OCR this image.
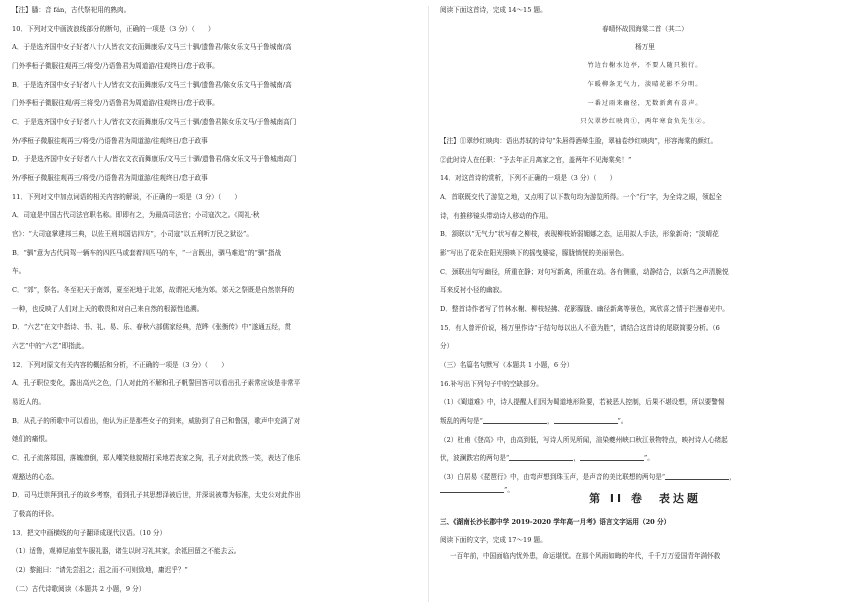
【注】膰：音 fán，古代祭祀用的熟肉。
10．下列对文中画波浪线部分的断句，正确的一项是（3 分）（　　）
A．于是选齐国中女子好者八十/人皆衣文衣而舞康乐/文马三十驷/遗鲁君/陈女乐文马于鲁城南/高
门外季桓子微服往观再三/将受/乃语鲁君为周道游/往观终日/怠于政事。
B．于是选齐国中女子好者八十人/皆衣文衣而舞康乐/文马三十驷/遗鲁君/陈女乐文马于鲁城南/高
门外季桓子微服往观/再三将受/乃语鲁君为周道游/往观终日/怠于政事。
C．于是选齐国中女子好者八十人/皆衣文衣而舞康乐/文马三十驷/遗鲁君陈女乐文马/于鲁城南高门
外/季桓子微服往观再三/将受/乃语鲁君为周道游/往观终日/怠于政事
D．于是选齐国中女子好者八十人/皆衣文衣而舞康乐/文马三十驷/遗鲁君/陈女乐文马于鲁城南高门
外/季桓子微服往观再三/将受/乃语鲁君为周道游/往观终日/怠于政事
11．下列对文中加点词语的相关内容的解说，不正确的一项是（3 分）（　　）
A．司寇是中国古代司法官职名称。即即有之，为最高司法官；小司寇次之。《周礼·秋
官》：“大司寇掌建邦三典，以佐王刑邦国诘四方”，小司寇“以五刑听万民之狱讼”。
B．“驷”意为古代同驾一辆车的四匹马或套着四匹马的车，“一言既出，驷马难追”的“驷”指战
车。
C．“郊”，祭名。冬至祀天于南郊，夏至祀地于北郊，故谓祀天地为郊。郊天之祭既是自然崇拜的
一种，也反映了人们对上天的敬畏和对自己来自然的根源性追溯。
D．“六艺”在文中指诗、书、礼、易、乐、春秋六部儒家经典，范晔《张衡传》中“遂通五经，贯
六艺”中的“六艺”即指此。
12．下列对原文有关内容的概括和分析，不正确的一项是（3 分）（　　）
A．孔子职位变化，露出高兴之色，门人对此的不解和孔子帆誓回答可以看出孔子素常应该是非常平
易近人的。
B．从孔子的所歌中可以看出，他认为正是那些女子的到来，威胁到了自己和鲁国，歌声中充满了对
她们的痛恨。
C．孔子流落郑国，落魄潦倒，郑人嘲笑他貌精打采地若丧家之狗，孔子对此欣然一笑，表达了他乐
观豁达的心态。
D．司马迁崇拜到孔子的故乡考察，看到孔子其思想泽被后世，并深说被尊为标准，太史公对此作出
了极高的评价。
13．把文中画横线的句子翻译成现代汉语。（10 分）
（1）适鲁，观禅尼庙堂车服礼器，诸生以时习礼其家，余祗回留之不能去云。
（2）黎鉏曰：“请先尝沮之；沮之而不可则致地，庸迟乎？”
（二）古代诗歌阅读（本题共 2 小题，9 分）
阅读下面这首诗，完成 14～15 题。
春晴怀故园海棠二首（其二）
杨万里
竹边台榭水边亭，不要人随只独行。
乍暖柳条无气力，淡晴花影不分明。
一番过雨来幽径，无数新禽有喜声。
只欠翠纱红映肉①，两年寒食负先生②。
【注】①翠纱红映肉：语出苏轼的诗句“朱唇得酒晕生脸，翠袖卷纱红映肉”，形容海棠的颜红。
②此时诗人在任职：“予去年正月离家之官，盖两年不见海棠矣！”
14．对这首诗的赏析，下列不正确的一项是（3 分）（　　）
A．首联既交代了游览之地，又点明了以下数句均为游览所得。一个“行”字，为全诗之眼，领起全
诗，有推移镜头带动诗人移动的作用。
B．颔联以“无气力”状写春之柳枝，表现柳枝娇弱媚娜之态，运用拟人手法，形象新奇；“淡晴花
影”写出了花朵在阳光照映下的摇曳婆娑，朦胧惝恍的美丽景色。
C．颈联出句写幽径，所重在静；对句写新禽，所重在动。各有侧重，动静结合，以新鸟之声清脆悦
耳来反衬小径的幽寂。
D．整首诗作者写了竹林水榭、柳枝轻拂、花影朦胧、幽径新禽等景色，寓欣喜之情于拦漫春光中。
15．有人曾评价说，杨万里作诗“于结句每以出人不意为胜”，请结合这首诗的尾联简要分析。（6
分）
（三）名篇名句默写（本题共 1 小题，6 分）
16.补写出下列句子中的空缺部分。
（1）《蜀道难》中，诗人提醒人们因为蜀道地形险要，若被恶人控制，后果不堪设想，所以要警惕
叛乱的两句是“	，	”。
（2）杜甫《登高》中，由高到低，写诗人所见所闻，渲染夔州峡口秋江景物特点，映衬诗人心绪起
伏，波澜跌宕的两句是“	，	”。
（3）白居易《琵琶行》中，由弯声想到珠玉声，是声音的美比联想的两句是“	，
”。
第 II 卷　表达题
三、《湖南长沙长郡中学 2019-2020 学年高一月考》语言文字运用（20 分）
阅读下面的文字，完成 17～19 题。
一百年前，中国面临内忧外患，命运堪忧。在那个风雨如晦的年代，千千万万爱国青年满怀救
